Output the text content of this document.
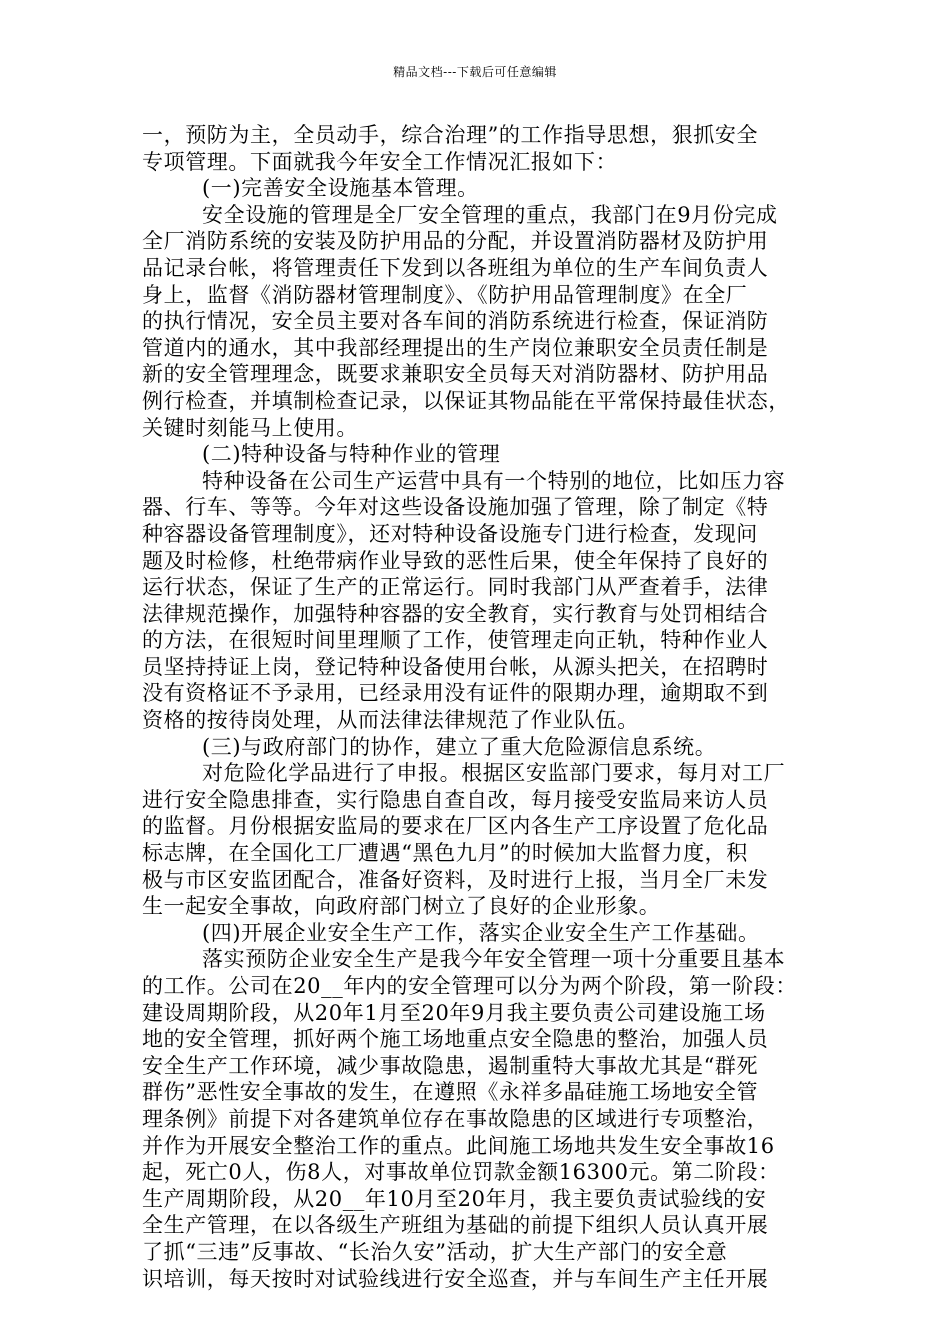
精品文档---下载后可任意编辑
一，预防为主，全员动手，综合治理”的工作指导思想，狠抓安全
专项管理。下面就我今年安全工作情况汇报如下：
(一)完善安全设施基本管理。
安全设施的管理是全厂安全管理的重点，我部门在9月份完成
全厂消防系统的安装及防护用品的分配，并设置消防器材及防护用
品记录台帐，将管理责任下发到以各班组为单位的生产车间负责人
身上，监督《消防器材管理制度》、《防护用品管理制度》在全厂
的执行情况，安全员主要对各车间的消防系统进行检查，保证消防
管道内的通水，其中我部经理提出的生产岗位兼职安全员责任制是
新的安全管理理念，既要求兼职安全员每天对消防器材、防护用品
例行检查，并填制检查记录，以保证其物品能在平常保持最佳状态，
关键时刻能马上使用。
(二)特种设备与特种作业的管理
特种设备在公司生产运营中具有一个特别的地位，比如压力容
器、行车、等等。今年对这些设备设施加强了管理，除了制定《特
种容器设备管理制度》，还对特种设备设施专门进行检查，发现问
题及时检修，杜绝带病作业导致的恶性后果，使全年保持了良好的
运行状态，保证了生产的正常运行。同时我部门从严查着手，法律
法律规范操作，加强特种容器的安全教育，实行教育与处罚相结合
的方法，在很短时间里理顺了工作，使管理走向正轨，特种作业人
员坚持持证上岗，登记特种设备使用台帐，从源头把关，在招聘时
没有资格证不予录用，已经录用没有证件的限期办理，逾期取不到
资格的按待岗处理，从而法律法律规范了作业队伍。
(三)与政府部门的协作，建立了重大危险源信息系统。
对危险化学品进行了申报。根据区安监部门要求，每月对工厂
进行安全隐患排查，实行隐患自查自改，每月接受安监局来访人员
的监督。月份根据安监局的要求在厂区内各生产工序设置了危化品
标志牌，在全国化工厂遭遇“黑色九月”的时候加大监督力度，积
极与市区安监团配合，准备好资料，及时进行上报，当月全厂未发
生一起安全事故，向政府部门树立了良好的企业形象。
(四)开展企业安全生产工作，落实企业安全生产工作基础。
落实预防企业安全生产是我今年安全管理一项十分重要且基本
的工作。公司在20__年内的安全管理可以分为两个阶段，第一阶段：
建设周期阶段，从20年1月至20年9月我主要负责公司建设施工场
地的安全管理，抓好两个施工场地重点安全隐患的整治，加强人员
安全生产工作环境，减少事故隐患，遏制重特大事故尤其是“群死
群伤”恶性安全事故的发生，在遵照《永祥多晶硅施工场地安全管
理条例》前提下对各建筑单位存在事故隐患的区域进行专项整治，
并作为开展安全整治工作的重点。此间施工场地共发生安全事故16
起，死亡0人，伤8人，对事故单位罚款金额16300元。第二阶段：
生产周期阶段，从20__年10月至20年月，我主要负责试验线的安
全生产管理，在以各级生产班组为基础的前提下组织人员认真开展
了抓“三违”反事故、“长治久安”活动，扩大生产部门的安全意
识培训，每天按时对试验线进行安全巡查，并与车间生产主任开展
